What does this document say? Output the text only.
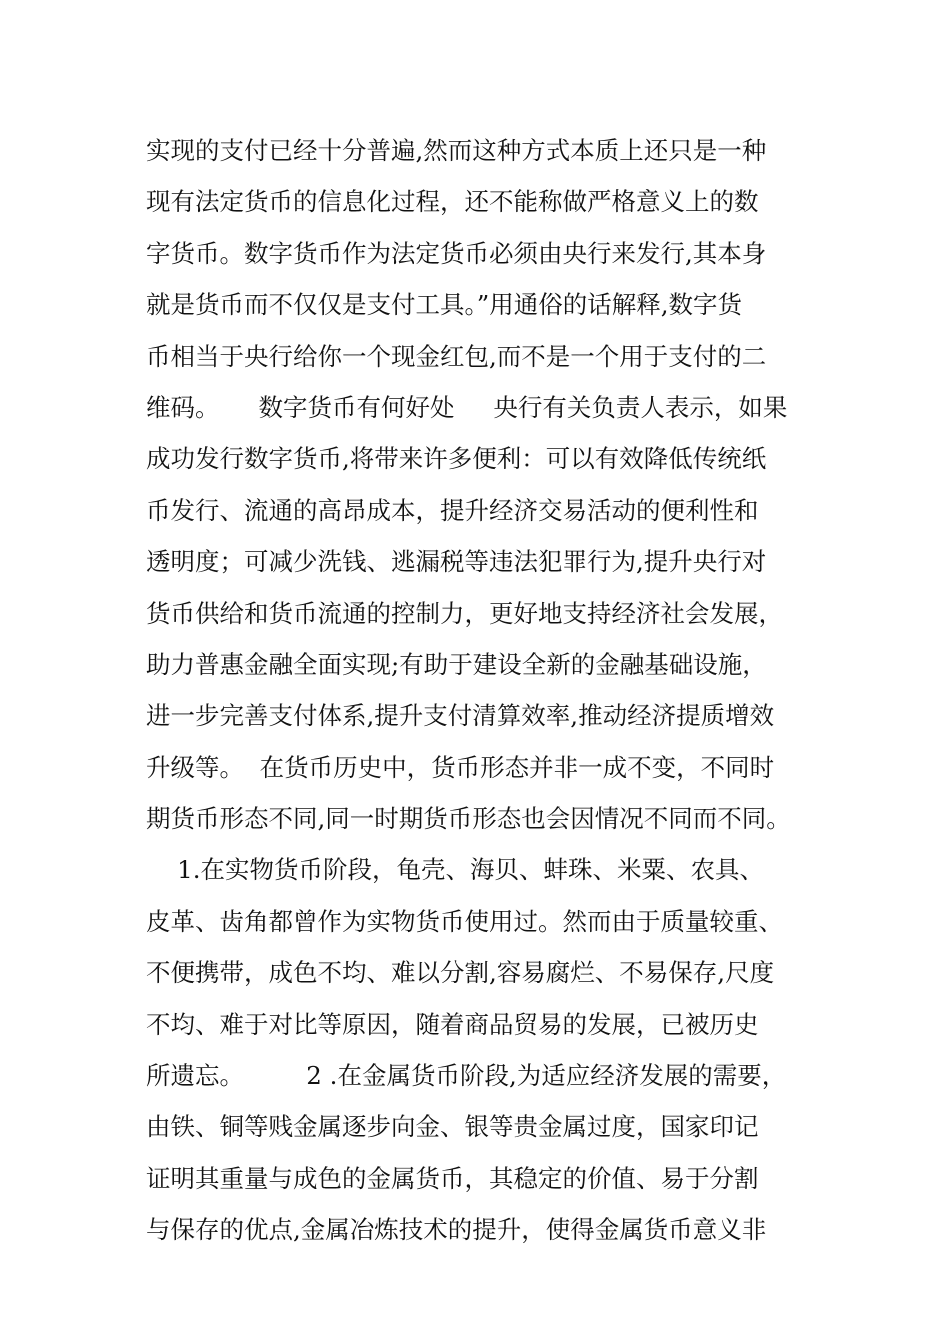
实现的支付已经十分普遍,然而这种方式本质上还只是一种
现有法定货币的信息化过程，还不能称做严格意义上的数
字货币。数字货币作为法定货币必须由央行来发行,其本身
就是货币而不仅仅是支付工具。”用通俗的话解释,数字货
币相当于央行给你一个现金红包,而不是一个用于支付的二
维码。     数字货币有何好处     央行有关负责人表示，如果
成功发行数字货币,将带来许多便利：可以有效降低传统纸
币发行、流通的高昂成本，提升经济交易活动的便利性和
透明度；可减少洗钱、逃漏税等违法犯罪行为,提升央行对
货币供给和货币流通的控制力，更好地支持经济社会发展，
助力普惠金融全面实现;有助于建设全新的金融基础设施，
进一步完善支付体系,提升支付清算效率,推动经济提质增效
升级等。  在货币历史中，货币形态并非一成不变，不同时
期货币形态不同,同一时期货币形态也会因情况不同而不同。
1.在实物货币阶段，龟壳、海贝、蚌珠、米粟、农具、
皮革、齿角都曾作为实物货币使用过。然而由于质量较重、
不便携带，成色不均、难以分割,容易腐烂、不易保存,尺度
不均、难于对比等原因，随着商品贸易的发展，已被历史
所遗忘。        2 .在金属货币阶段,为适应经济发展的需要，
由铁、铜等贱金属逐步向金、银等贵金属过度，国家印记
证明其重量与成色的金属货币，其稳定的价值、易于分割
与保存的优点,金属冶炼技术的提升，使得金属货币意义非
